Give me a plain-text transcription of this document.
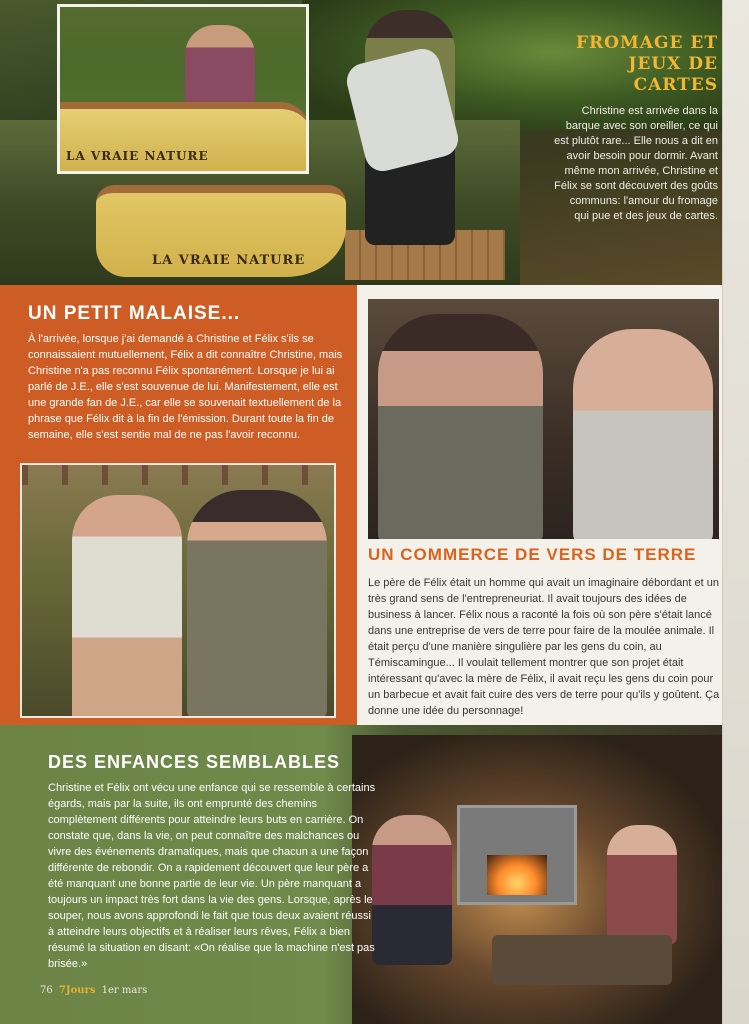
LA VRAIE NATURE
LA VRAIE NATURE
FROMAGE ET JEUX DE CARTES

Christine est arrivée dans la barque avec son oreiller, ce qui est plutôt rare... Elle nous a dit en avoir besoin pour dormir. Avant même mon arrivée, Christine et Félix se sont découvert des goûts communs: l'amour du fromage qui pue et des jeux de cartes.

UN PETIT MALAISE...

À l'arrivée, lorsque j'ai demandé à Christine et Félix s'ils se connaissaient mutuellement, Félix a dit connaître Christine, mais Christine n'a pas reconnu Félix spontanément. Lorsque je lui ai parlé de J.E., elle s'est souvenue de lui. Manifestement, elle est une grande fan de J.E., car elle se souvenait textuellement de la phrase que Félix dit à la fin de l'émission. Durant toute la fin de semaine, elle s'est sentie mal de ne pas l'avoir reconnu.

UN COMMERCE DE VERS DE TERRE

Le père de Félix était un homme qui avait un imaginaire débordant et un très grand sens de l'entrepreneuriat. Il avait toujours des idées de business à lancer. Félix nous a raconté la fois où son père s'était lancé dans une entreprise de vers de terre pour faire de la moulée animale. Il était perçu d'une manière singulière par les gens du coin, au Témiscamingue... Il voulait tellement montrer que son projet était intéressant qu'avec la mère de Félix, il avait reçu les gens du coin pour un barbecue et avait fait cuire des vers de terre pour qu'ils y goûtent. Ça donne une idée du personnage!

DES ENFANCES SEMBLABLES

Christine et Félix ont vécu une enfance qui se ressemble à certains égards, mais par la suite, ils ont emprunté des chemins complètement différents pour atteindre leurs buts en carrière. On constate que, dans la vie, on peut connaître des malchances ou vivre des événements dramatiques, mais que chacun a une façon différente de rebondir. On a rapidement découvert que leur père a été manquant une bonne partie de leur vie. Un père manquant a toujours un impact très fort dans la vie des gens. Lorsque, après le souper, nous avons approfondi le fait que tous deux avaient réussi à atteindre leurs objectifs et à réaliser leurs rêves, Félix a bien résumé la situation en disant: «On réalise que la machine n'est pas brisée.»

76 7Jours 1er mars
